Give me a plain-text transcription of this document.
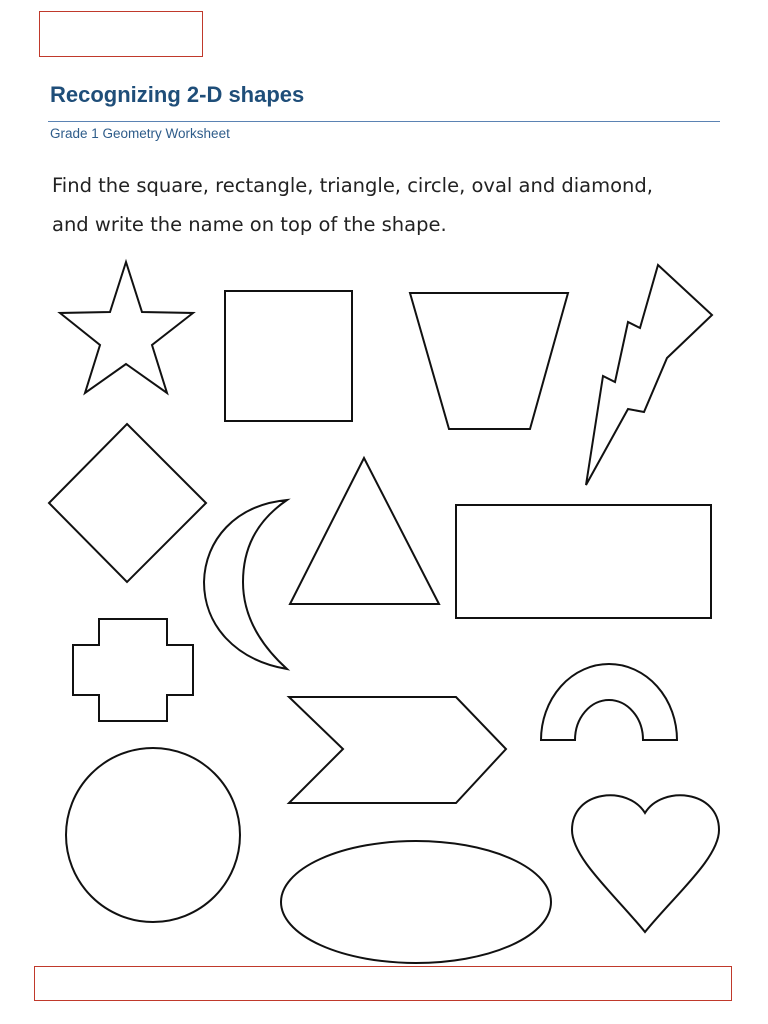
Recognizing 2-D shapes
Grade 1 Geometry Worksheet
Find the square, rectangle, triangle, circle, oval and diamond,
and write the name on top of the shape.
